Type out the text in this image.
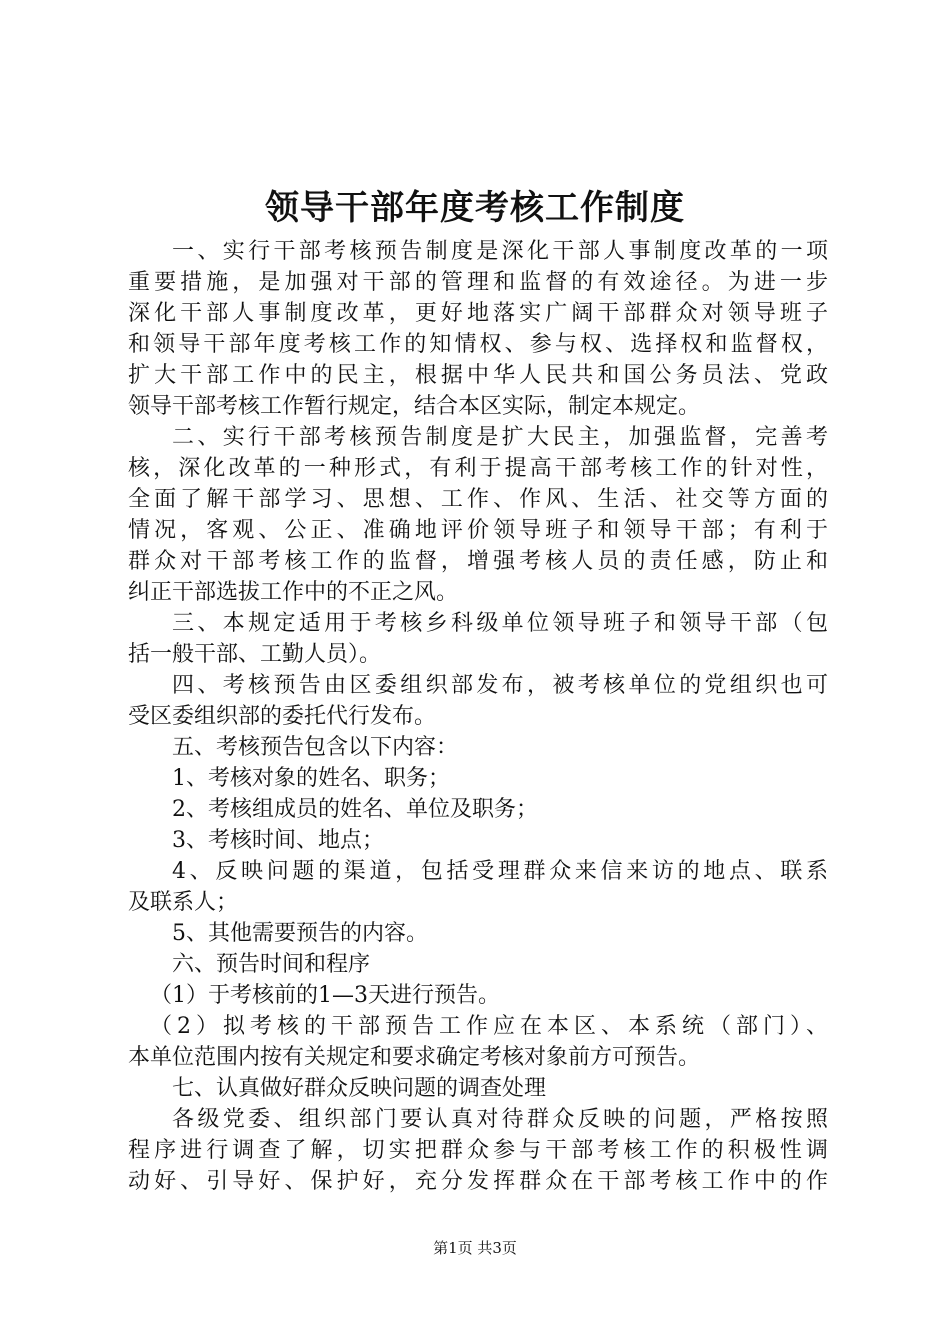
领导干部年度考核工作制度
一、实行干部考核预告制度是深化干部人事制度改革的一项
重要措施，是加强对干部的管理和监督的有效途径。为进一步
深化干部人事制度改革，更好地落实广阔干部群众对领导班子
和领导干部年度考核工作的知情权、参与权、选择权和监督权，
扩大干部工作中的民主，根据中华人民共和国公务员法、党政
领导干部考核工作暂行规定，结合本区实际，制定本规定。
二、实行干部考核预告制度是扩大民主，加强监督，完善考
核，深化改革的一种形式，有利于提高干部考核工作的针对性，
全面了解干部学习、思想、工作、作风、生活、社交等方面的
情况，客观、公正、准确地评价领导班子和领导干部；有利于
群众对干部考核工作的监督，增强考核人员的责任感，防止和
纠正干部选拔工作中的不正之风。
三、本规定适用于考核乡科级单位领导班子和领导干部（包
括一般干部、工勤人员）。
四、考核预告由区委组织部发布，被考核单位的党组织也可
受区委组织部的委托代行发布。
五、考核预告包含以下内容：
1、考核对象的姓名、职务；
2、考核组成员的姓名、单位及职务；
3、考核时间、地点；
4、反映问题的渠道，包括受理群众来信来访的地点、联系
及联系人；
5、其他需要预告的内容。
六、预告时间和程序
（1）于考核前的1—3天进行预告。
（2）拟考核的干部预告工作应在本区、本系统（部门）、
本单位范围内按有关规定和要求确定考核对象前方可预告。
七、认真做好群众反映问题的调查处理
各级党委、组织部门要认真对待群众反映的问题，严格按照
程序进行调查了解，切实把群众参与干部考核工作的积极性调
动好、引导好、保护好，充分发挥群众在干部考核工作中的作
第1页 共3页
